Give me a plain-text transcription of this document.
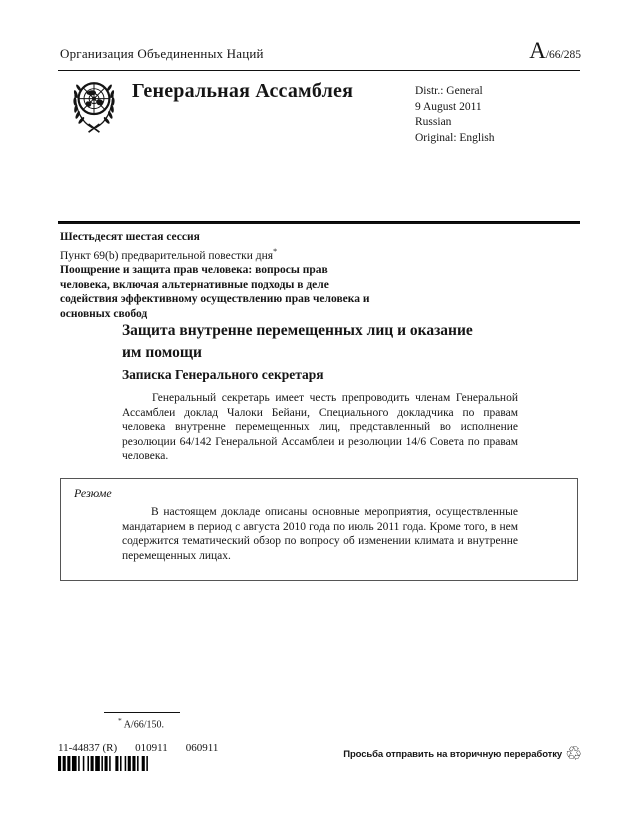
Организация Объединенных Наций	A/66/285
Генеральная Ассамблея	Distr.: General
9 August 2011
Russian
Original: English
Шестьдесят шестая сессия
Пункт 69(b) предварительной повестки дня*
Поощрение и защита прав человека: вопросы прав человека, включая альтернативные подходы в деле содействия эффективному осуществлению прав человека и основных свобод
Защита внутренне перемещенных лиц и оказание им помощи
Записка Генерального секретаря

Генеральный секретарь имеет честь препроводить членам Генеральной Ассамблеи доклад Чалоки Бейани, Специального докладчика по правам человека внутренне перемещенных лиц, представленный во исполнение резолюции 64/142 Генеральной Ассамблеи и резолюции 14/6 Совета по правам человека.

Резюме

В настоящем докладе описаны основные мероприятия, осуществленные мандатарием в период с августа 2010 года по июль 2011 года. Кроме того, в нем содержится тематический обзор по вопросу об изменении климата и внутренне перемещенных лицах.

* A/66/150.
11-44837 (R) 010911 060911
Просьба отправить на вторичную переработку ♲
